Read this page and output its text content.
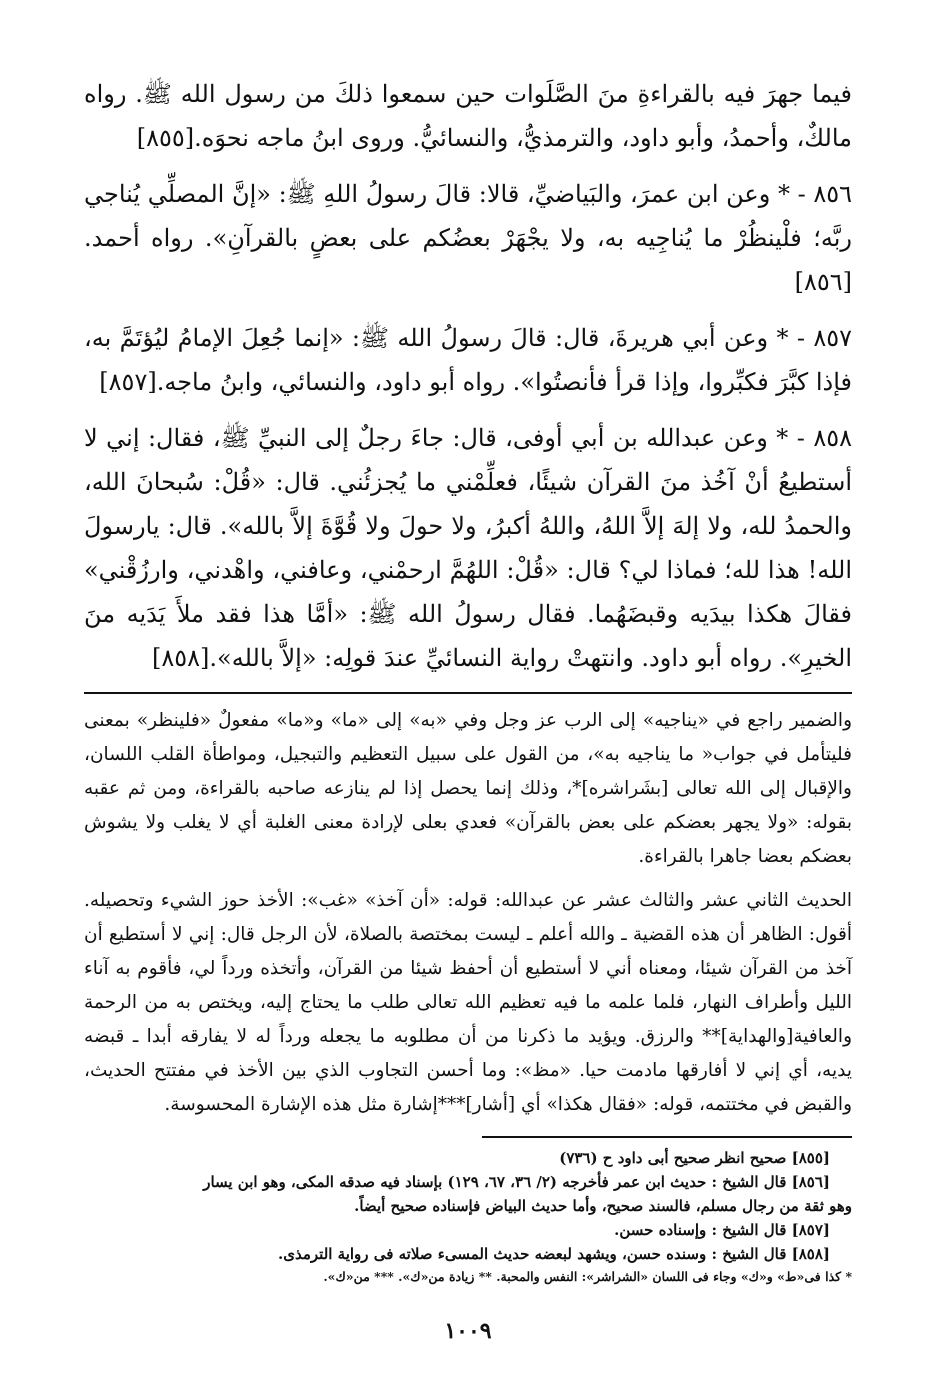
فيما جهرَ فيه بالقراءةِ منَ الصَّلَوات حين سمعوا ذلكَ من رسول الله ﷺ. رواه مالكٌ، وأحمدُ، وأبو داود، والترمذيُّ، والنسائيُّ. وروى ابنُ ماجه نحوَه.[٨٥٥]

٨٥٦ - * وعن ابن عمرَ، والبَياضيِّ، قالا: قالَ رسولُ اللهِ ﷺ: «إنَّ المصلِّي يُناجي ربَّه؛ فلْينظُرْ ما يُناجِيه به، ولا يجْهَرْ بعضُكم على بعضٍ بالقرآنِ». رواه أحمد.[٨٥٦]

٨٥٧ - * وعن أبي هريرةَ، قال: قالَ رسولُ الله ﷺ: «إنما جُعِلَ الإمامُ ليُؤتَمَّ به، فإذا كبَّرَ فكبِّروا، وإذا قرأ فأنصتُوا». رواه أبو داود، والنسائي، وابنُ ماجه.[٨٥٧]

٨٥٨ - * وعن عبدالله بن أبي أوفى، قال: جاءَ رجلٌ إلى النبيِّ ﷺ، فقال: إني لا أستطيعُ أنْ آخُذ منَ القرآن شيئًا، فعلِّمْني ما يُجزئُني. قال: «قُلْ: سُبحانَ الله، والحمدُ لله، ولا إلهَ إلاَّ اللهُ، واللهُ أكبرُ، ولا حولَ ولا قُوَّةَ إلاَّ بالله». قال: يارسولَ الله! هذا لله؛ فماذا لي؟ قال: «قُلْ: اللهُمَّ ارحمْني، وعافني، واهْدني، وارزُقْني» فقالَ هكذا بيدَيه وقبضَهُما. فقال رسولُ الله ﷺ: «أمَّا هذا فقد ملأَ يَدَيه منَ الخيرِ». رواه أبو داود. وانتهتْ رواية النسائيِّ عندَ قولِه: «إلاَّ بالله».[٨٥٨]

والضمير راجع في «يناجيه» إلى الرب عز وجل وفي «به» إلى «ما» و«ما» مفعولٌ «فلينظر» بمعنى فليتأمل في جواب« ما يناجيه به»، من القول على سبيل التعظيم والتبجيل، ومواطأة القلب اللسان، والإقبال إلى الله تعالى [بشَراشره]*، وذلك إنما يحصل إذا لم ينازعه صاحبه بالقراءة، ومن ثم عقبه بقوله: «ولا يجهر بعضكم على بعض بالقرآن» فعدي بعلى لإرادة معنى الغلبة أي لا يغلب ولا يشوش بعضكم بعضا جاهرا بالقراءة.

الحديث الثاني عشر والثالث عشر عن عبدالله: قوله: «أن آخذ» «غب»: الأخذ حوز الشيء وتحصيله. أقول: الظاهر أن هذه القضية ـ والله أعلم ـ ليست بمختصة بالصلاة، لأن الرجل قال: إني لا أستطيع أن آخذ من القرآن شيئا، ومعناه أني لا أستطيع أن أحفظ شيئا من القرآن، وأتخذه ورداً لي، فأقوم به آناء الليل وأطراف النهار، فلما علمه ما فيه تعظيم الله تعالى طلب ما يحتاج إليه، ويختص به من الرحمة والعافية[والهداية]** والرزق. ويؤيد ما ذكرنا من أن مطلوبه ما يجعله ورداً له لا يفارقه أبدا ـ قبضه يديه، أي إني لا أفارقها مادمت حيا. «مظ»: وما أحسن التجاوب الذي بين الأخذ في مفتتح الحديث، والقبض في مختتمه، قوله: «فقال هكذا» أي [أشار]***إشارة مثل هذه الإشارة المحسوسة.

[٨٥٥] صحيح انظر صحيح أبى داود ح (٧٣٦)

[٨٥٦] قال الشيخ : حديث ابن عمر فأخرجه (٢/ ٣٦، ٦٧، ١٢٩) بإسناد فيه صدقه المكى، وهو ابن يسار

وهو ثقة من رجال مسلم، فالسند صحيح، وأما حديث البياض فإسناده صحيح أيضاً.

[٨٥٧] قال الشيخ : وإسناده حسن.

[٨٥٨] قال الشيخ : وسنده حسن، ويشهد لبعضه حديث المسىء صلاته فى رواية الترمذى.

* كذا فى«ط» و«ك» وجاء فى اللسان «الشراشر»: النفس والمحبة. ** زيادة من«ك». *** من«ك».

١٠٠٩
